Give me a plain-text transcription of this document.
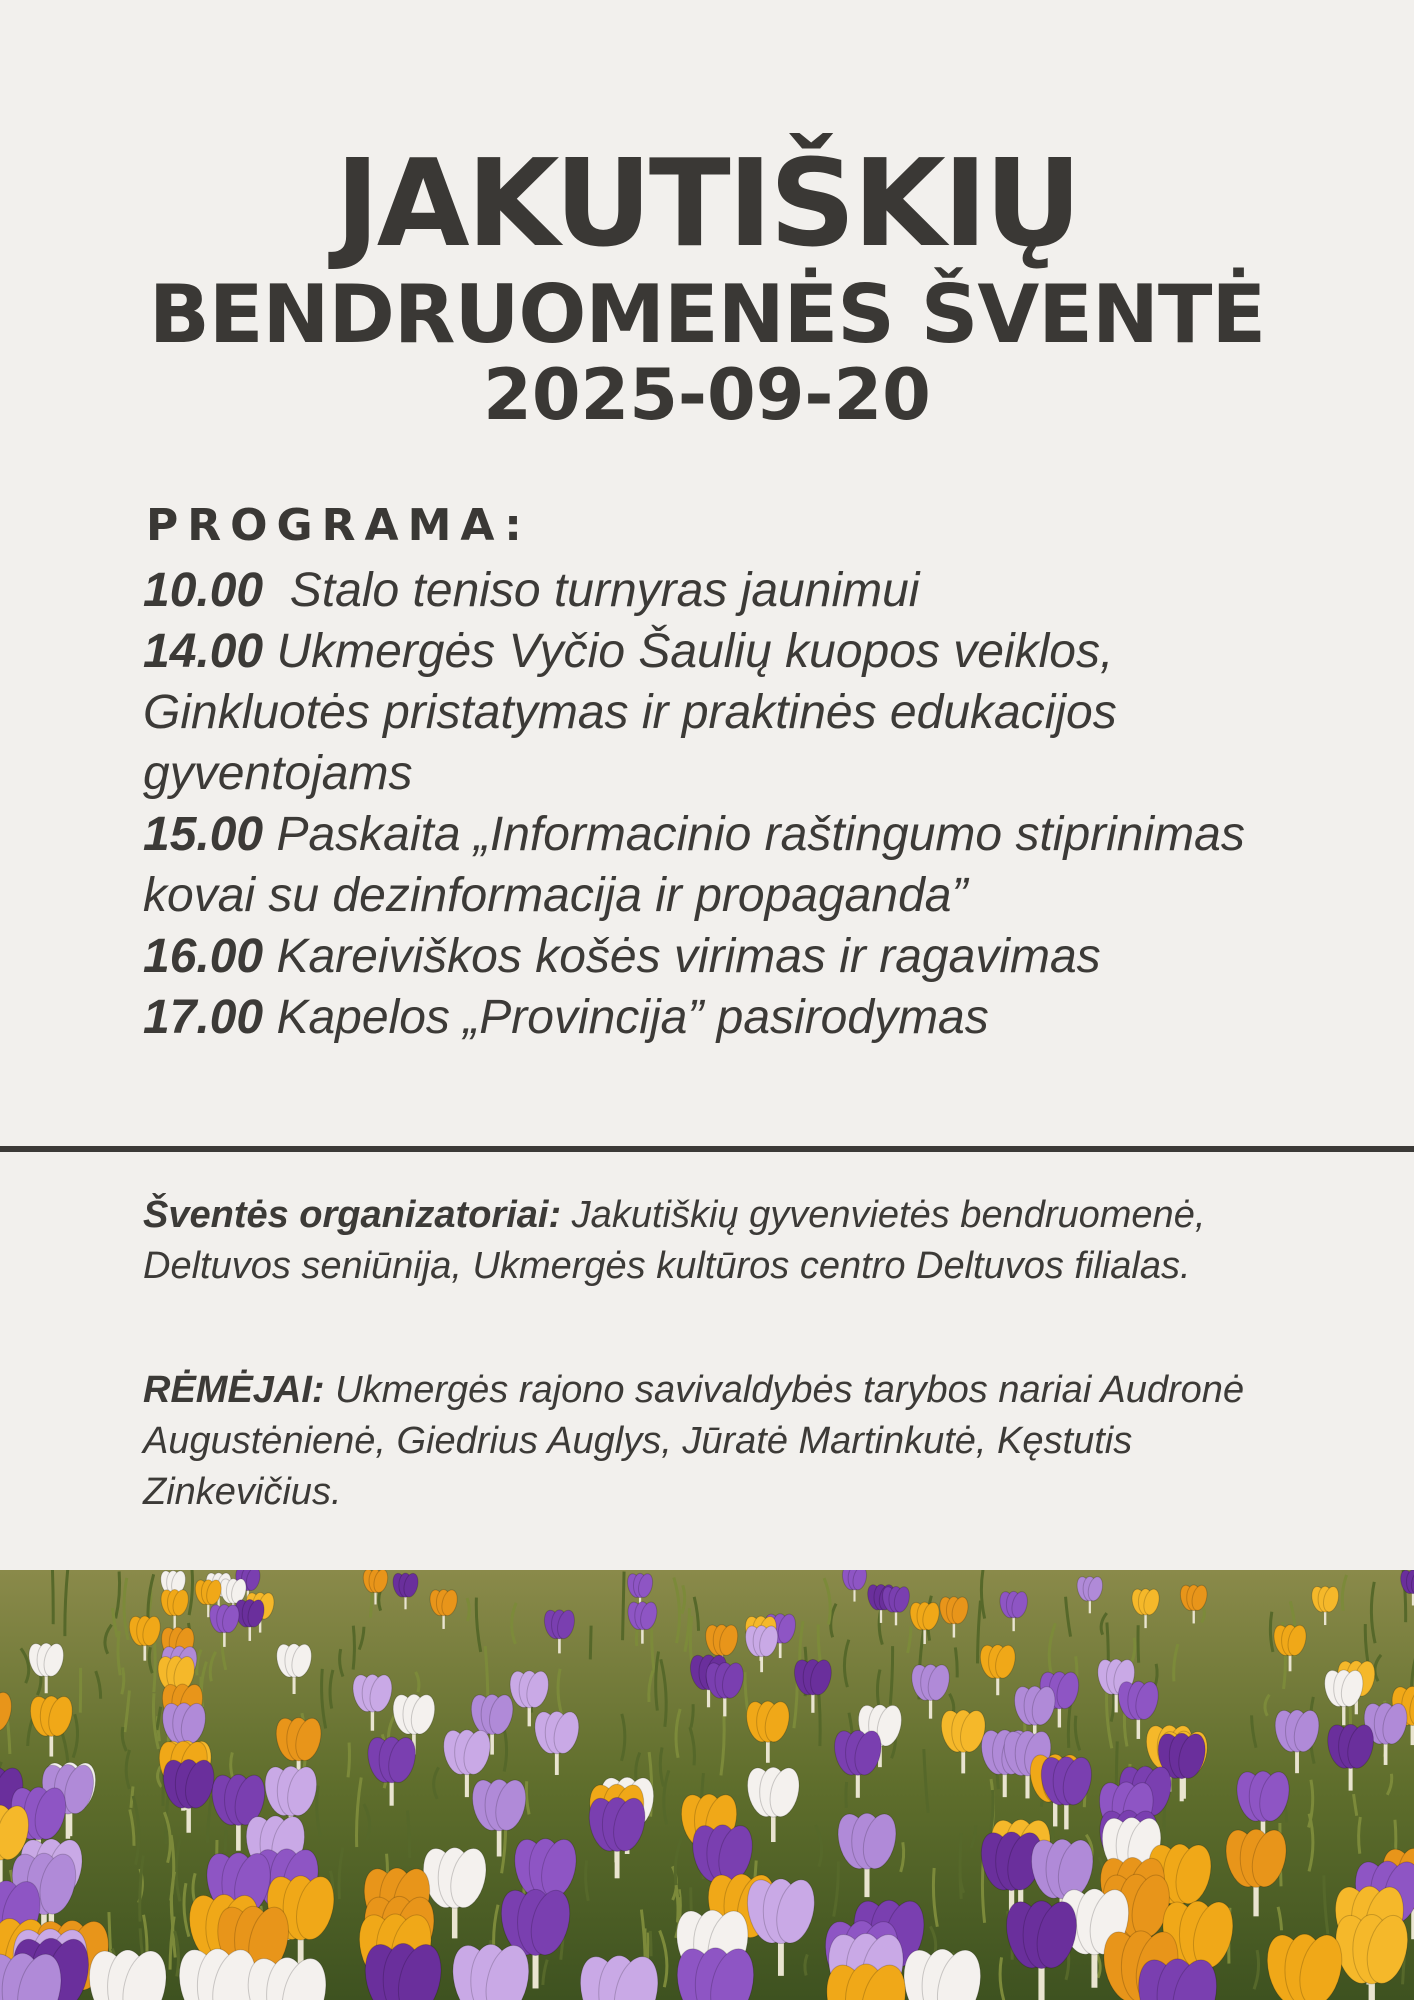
JAKUTIŠKIŲ
BENDRUOMENĖS ŠVENTĖ
2025-09-20
PROGRAMA:

10.00  Stalo teniso turnyras jaunimui

14.00 Ukmergės Vyčio Šaulių kuopos veiklos, Ginkluotės pristatymas ir praktinės edukacijos gyventojams

15.00 Paskaita „Informacinio raštingumo stiprinimas kovai su dezinformacija ir propaganda”

16.00 Kareiviškos košės virimas ir ragavimas

17.00 Kapelos „Provincija” pasirodymas

Šventės organizatoriai: Jakutiškių gyvenvietės bendruomenė, Deltuvos seniūnija, Ukmergės kultūros centro Deltuvos filialas.
RĖMĖJAI: Ukmergės rajono savivaldybės tarybos nariai Audronė Augustėnienė, Giedrius Auglys, Jūratė Martinkutė, Kęstutis Zinkevičius.
